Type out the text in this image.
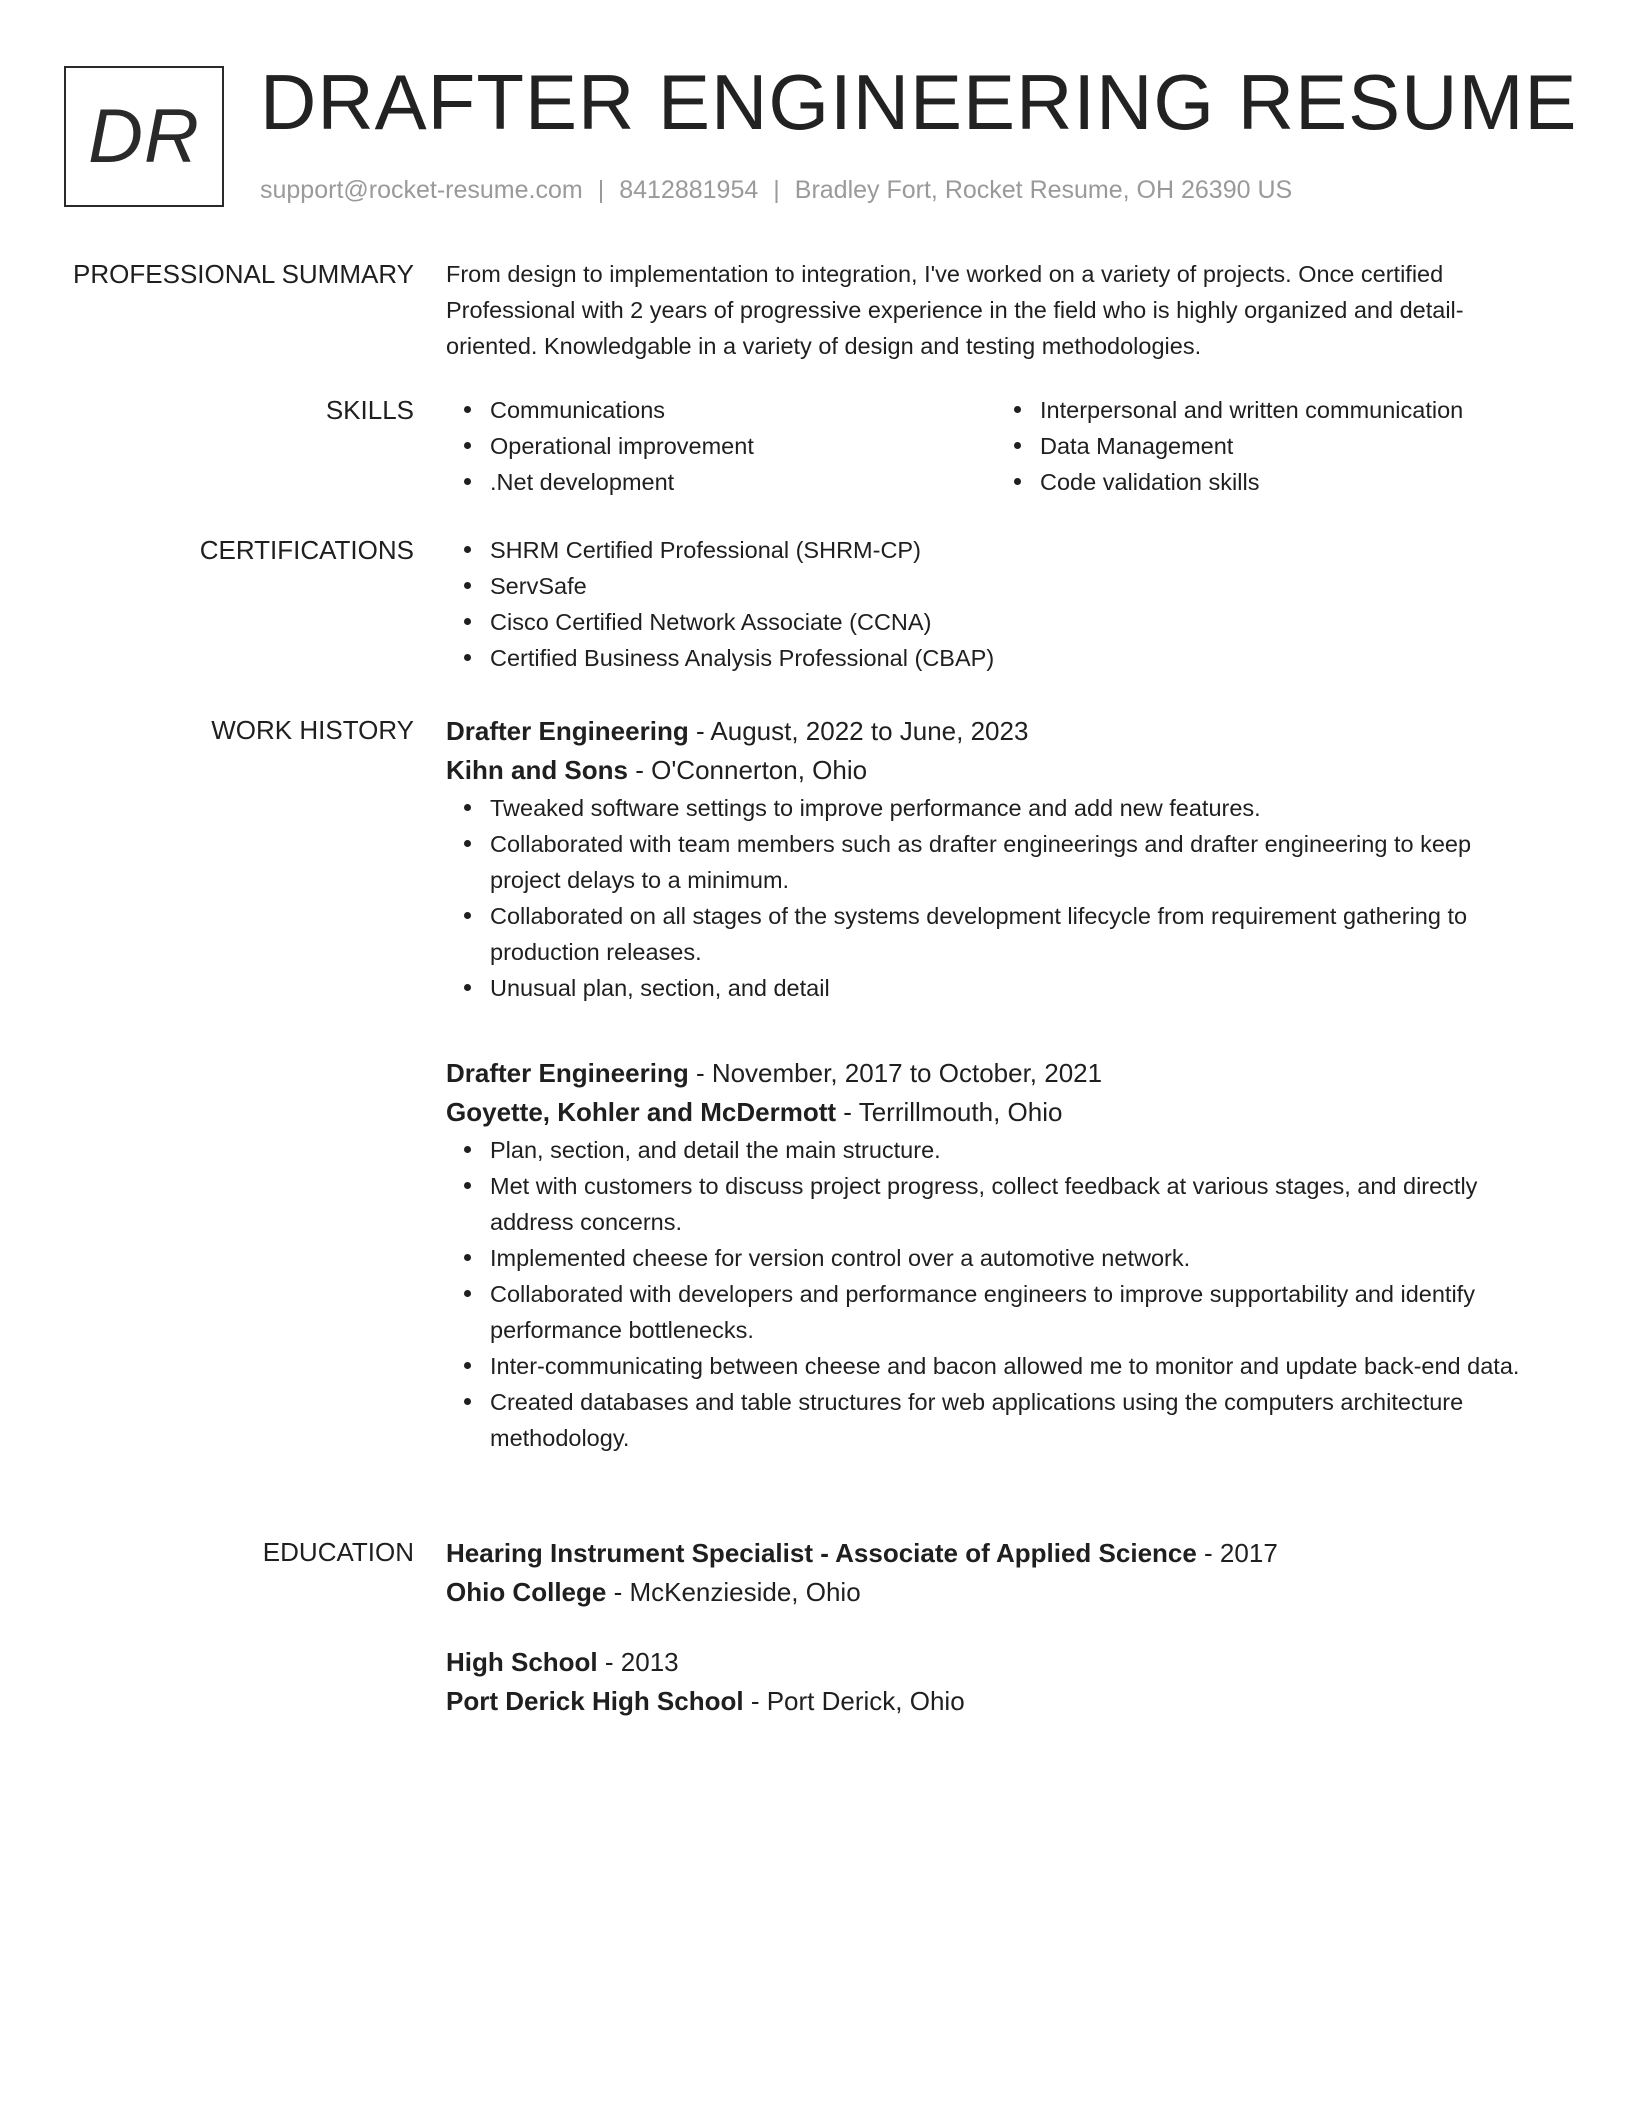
DR DRAFTER ENGINEERING RESUME
support@rocket-resume.com | 8412881954 | Bradley Fort, Rocket Resume, OH 26390 US
PROFESSIONAL SUMMARY From design to implementation to integration, I've worked on a variety of projects. Once certified

Professional with 2 years of progressive experience in the field who is highly organized and detail-

oriented. Knowledgable in a variety of design and testing methodologies.

SKILLS	Communications
Operational improvement
.Net development
Interpersonal and written communication
Data Management
Code validation skills
CERTIFICATIONS	SHRM Certified Professional (SHRM-CP)
ServSafe
Cisco Certified Network Associate (CCNA)
Certified Business Analysis Professional (CBAP)
WORK HISTORY Drafter Engineering - August, 2022 to June, 2023
Kihn and Sons - O'Connerton, Ohio
Tweaked software settings to improve performance and add new features.
Collaborated with team members such as drafter engineerings and drafter engineering to keep project delays to a minimum.
Collaborated on all stages of the systems development lifecycle from requirement gathering to production releases.
Unusual plan, section, and detail
Drafter Engineering - November, 2017 to October, 2021
Goyette, Kohler and McDermott - Terrillmouth, Ohio
Plan, section, and detail the main structure.
Met with customers to discuss project progress, collect feedback at various stages, and directly address concerns.
Implemented cheese for version control over a automotive network.
Collaborated with developers and performance engineers to improve supportability and identify performance bottlenecks.
Inter-communicating between cheese and bacon allowed me to monitor and update back-end data.
Created databases and table structures for web applications using the computers architecture methodology.
EDUCATION Hearing Instrument Specialist - Associate of Applied Science - 2017
Ohio College - McKenzieside, Ohio
High School - 2013
Port Derick High School - Port Derick, Ohio
